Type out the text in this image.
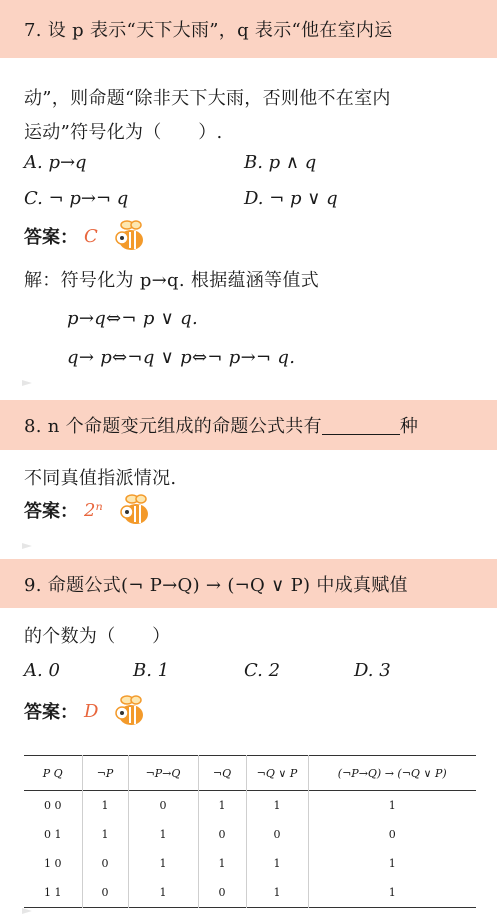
7. 设 p 表示“天下大雨”，q 表示“他在室内运
动”，则命题“除非天下大雨，否则他不在室内
运动”符号化为（　　）.
A. p→q	B. p ∧ q
C. ¬ p→¬ q	D. ¬ p ∨ q
答案： C
解：符号化为 p→q. 根据蕴涵等值式
p→q⇔¬ p ∨ q.
q→ p⇔¬q ∨ p⇔¬ p→¬ q.
8. n 个命题变元组成的命题公式共有	种
不同真值指派情况.
答案： 2ⁿ
9. 命题公式(¬ P→Q) → (¬Q ∨ P) 中成真赋值
的个数为（　　）
A. 0	B. 1	C. 2	D. 3
答案： D
P Q	¬P	¬P→Q	¬Q	¬Q ∨ P	(¬P→Q) → (¬Q ∨ P)
0 0	1	0	1	1	1
0 1	1	1	0	0	0
1 0	0	1	1	1	1
1 1	0	1	0	1	1
